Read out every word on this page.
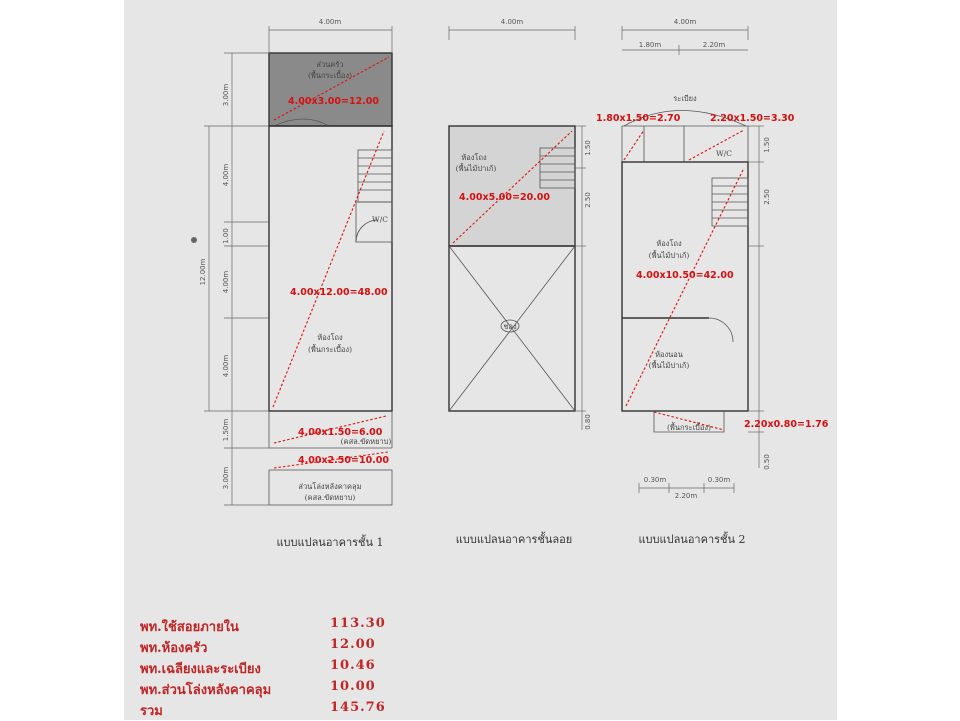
4.00m
ส่วนครัว
(พื้นกระเบื้อง)
W/C
ห้องโถง
(พื้นกระเบื้อง)
(คสล.ขัดหยาบ)
ส่วนโล่งหลังคาคลุม
(คสล.ขัดหยาบ)
3.00m
4.00m
1.00
4.00m
4.00m
1.50m
3.00m
12.00m
4.00x3.00=12.00
4.00x12.00=48.00
4.00x1.50=6.00
4.00x2.50=10.00
แบบแปลนอาคารชั้น 1
4.00m
ห้องโถง
(พื้นไม้ปาเก้)
ช่อง
1.50
2.50
0.80
4.00x5.00=20.00
แบบแปลนอาคารชั้นลอย
4.00m
1.80m	2.20m
ระเบียง
W/C
ห้องโถง
(พื้นไม้ปาเก้)
ห้องนอน
(พื้นไม้ปาเก้)
(พื้นกระเบื้อง)
1.50
2.50
0.50
0.30m	0.30m
2.20m
1.80x1.50=2.70	2.20x1.50=3.30
4.00x10.50=42.00
2.20x0.80=1.76
แบบแปลนอาคารชั้น 2
พท.ใช้สอยภายใน	113.30
พท.ห้องครัว	12.00
พท.เฉลียงและระเบียง	10.46
พท.ส่วนโล่งหลังคาคลุม	10.00
รวม	145.76
